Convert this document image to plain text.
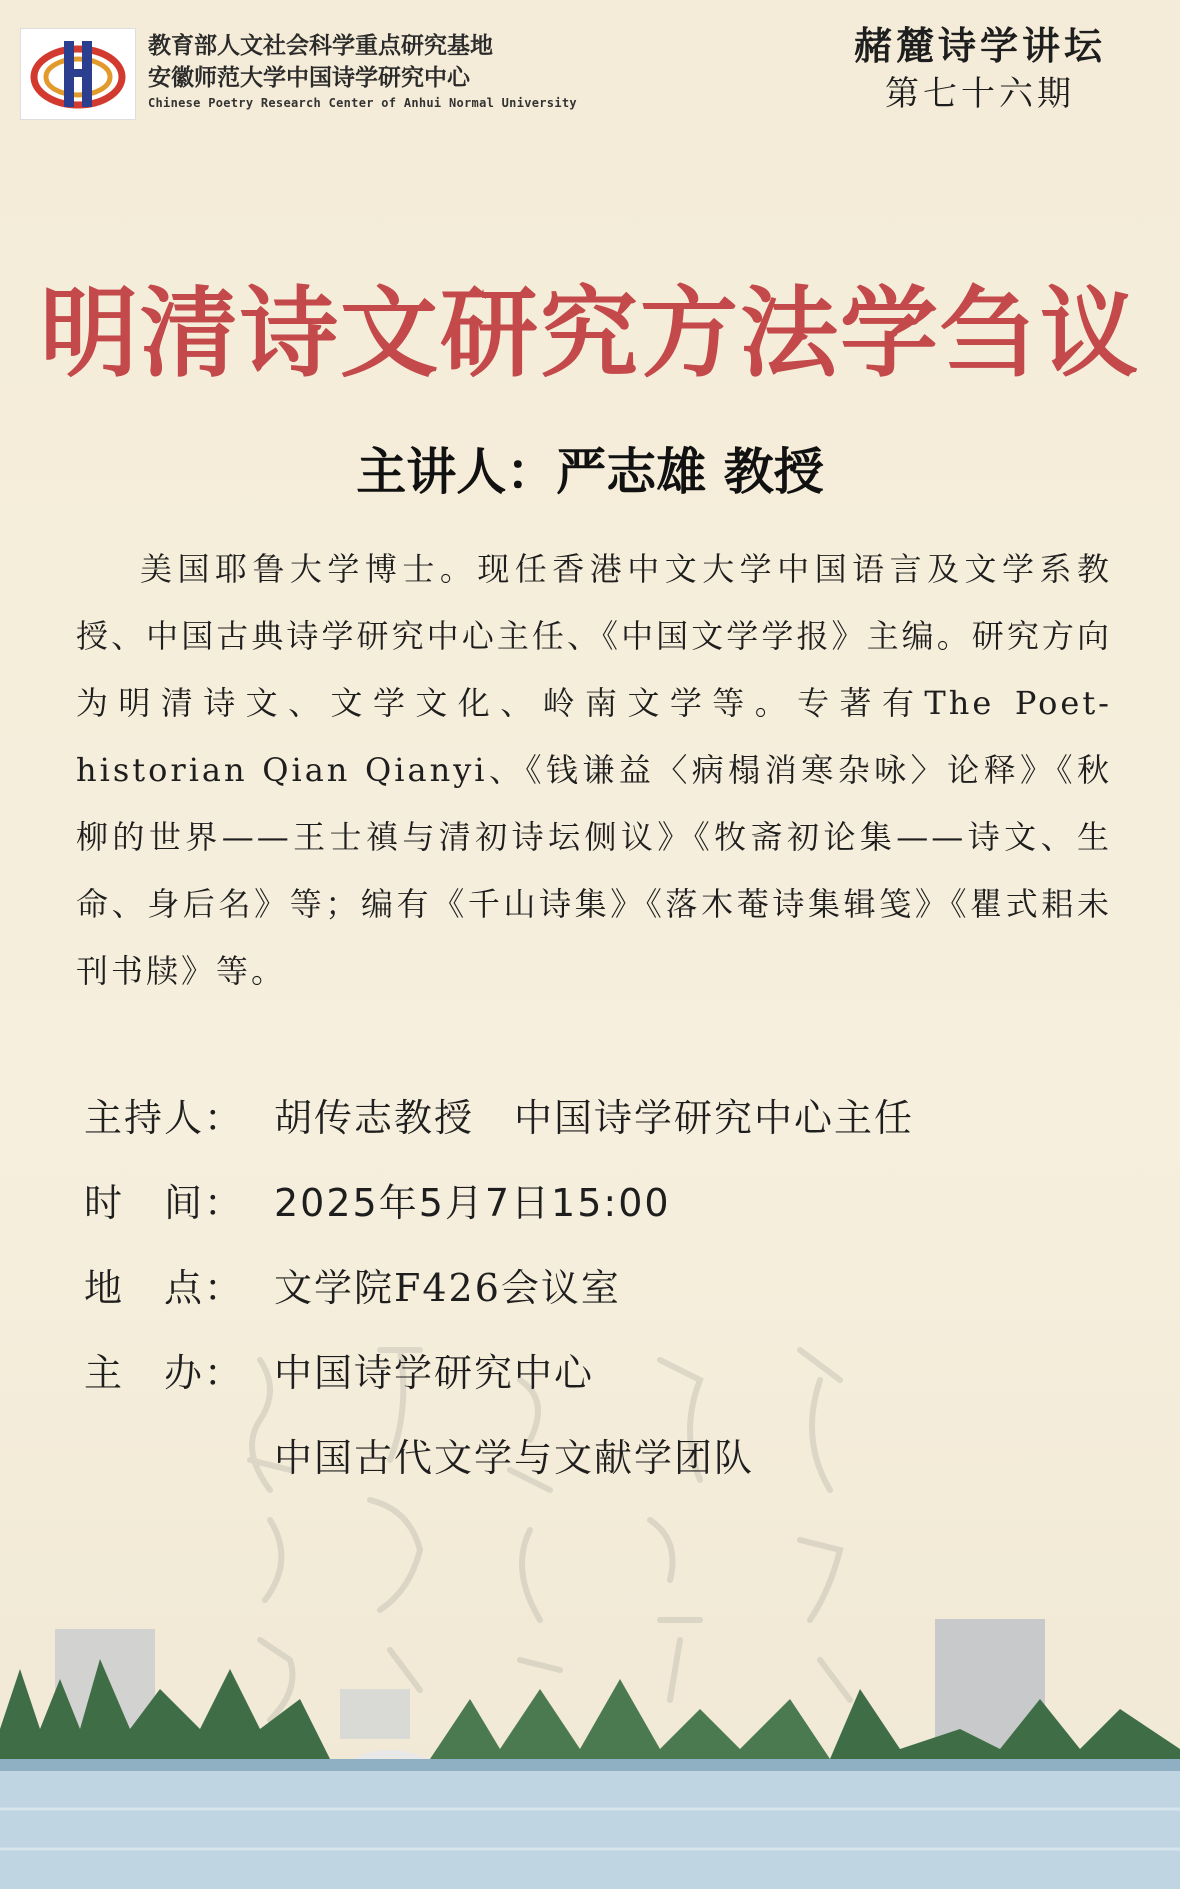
教育部人文社会科学重点研究基地
安徽师范大学中国诗学研究中心
Chinese Poetry Research Center of Anhui Normal University
赭麓诗学讲坛
第七十六期
明清诗文研究方法学刍议
主讲人：严志雄 教授
美国耶鲁大学博士。现任香港中文大学中国语言及文学系教授、中国古典诗学研究中心主任、《中国文学学报》主编。研究方向为明清诗文、文学文化、岭南文学等。专著有The Poet-historian Qian Qianyi、《钱谦益〈病榻消寒杂咏〉论释》《秋柳的世界——王士禛与清初诗坛侧议》《牧斋初论集——诗文、生命、身后名》等；编有《千山诗集》《落木菴诗集辑笺》《瞿式耜未刊书牍》等。
主持人： 胡传志教授　中国诗学研究中心主任
时　间： 2025年5月7日15:00
地　点： 文学院F426会议室
主　办： 中国诗学研究中心
中国古代文学与文献学团队
